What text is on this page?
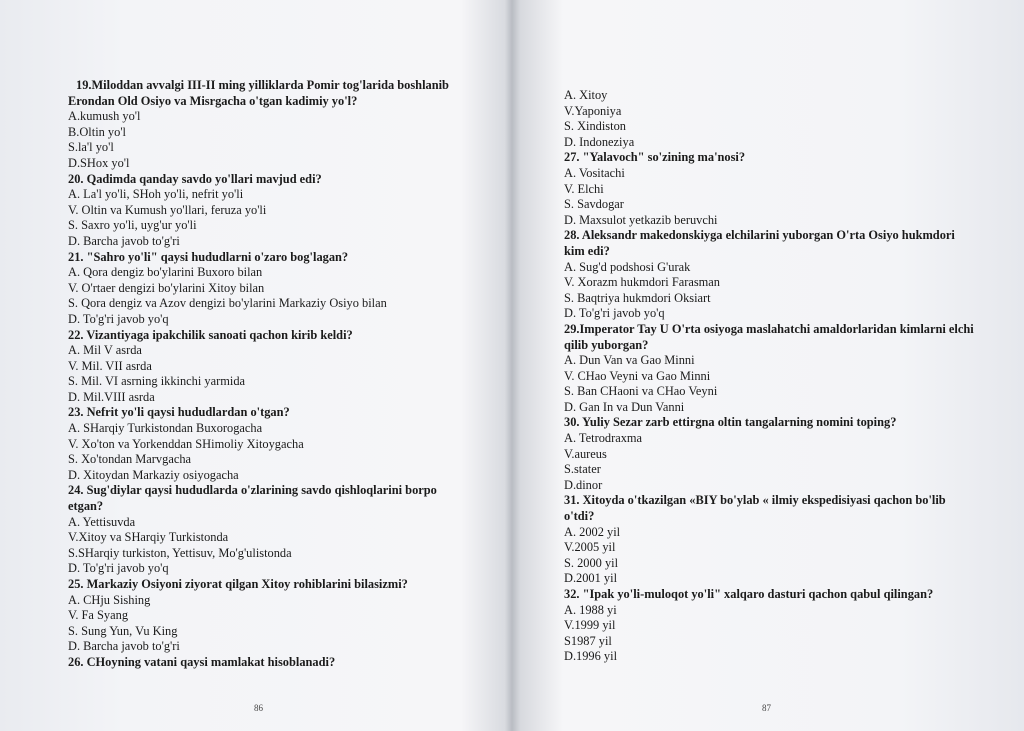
19.Miloddan avvalgi III-II ming yilliklarda Pomir tog'larida boshlanib Erondan Old Osiyo va Misrgacha o'tgan kadimiy yo'l?
A.kumush yo'l
B.Oltin yo'l
S.la'l yo'l
D.SHox yo'l
20. Qadimda qanday savdo yo'llari mavjud edi?
A. La'l yo'li, SHoh yo'li, nefrit yo'li
V. Oltin va Kumush yo'llari, feruza yo'li
S. Saxro yo'li, uyg'ur yo'li
D. Barcha javob to'g'ri
21. "Sahro yo'li" qaysi hududlarni o'zaro bog'lagan?
A. Qora dengiz bo'ylarini Buxoro bilan
V. O'rtaer dengizi bo'ylarini Xitoy bilan
S. Qora dengiz va Azov dengizi bo'ylarini Markaziy Osiyo bilan
D. To'g'ri javob yo'q
22. Vizantiyaga ipakchilik sanoati qachon kirib keldi?
A. Mil V asrda
V. Mil. VII asrda
S. Mil. VI asrning ikkinchi yarmida
D. Mil.VIII asrda
23. Nefrit yo'li qaysi hududlardan o'tgan?
A. SHarqiy Turkistondan Buxorogacha
V. Xo'ton va Yorkenddan SHimoliy Xitoygacha
S. Xo'tondan Marvgacha
D. Xitoydan Markaziy osiyogacha
24. Sug'diylar qaysi hududlarda o'zlarining savdo qishloqlarini borpo etgan?
A. Yettisuvda
V.Xitoy va SHarqiy Turkistonda
S.SHarqiy turkiston, Yettisuv, Mo'g'ulistonda
D. To'g'ri javob yo'q
25. Markaziy Osiyoni ziyorat qilgan Xitoy rohiblarini bilasizmi?
A. CHju Sishing
V. Fa Syang
S. Sung Yun, Vu King
D. Barcha javob to'g'ri
26. CHoyning vatani qaysi mamlakat hisoblanadi?
86
A. Xitoy
V.Yaponiya
S. Xindiston
D. Indoneziya
27. "Yalavoch" so'zining ma'nosi?
A. Vositachi
V. Elchi
S. Savdogar
D. Maxsulot yetkazib beruvchi
28. Aleksandr makedonskiyga elchilarini yuborgan O'rta Osiyo hukmdori kim edi?
A. Sug'd podshosi G'urak
V. Xorazm hukmdori Farasman
S. Baqtriya hukmdori Oksiart
D. To'g'ri javob yo'q
29.Imperator Tay U O'rta osiyoga maslahatchi amaldorlaridan kimlarni elchi qilib yuborgan?
A. Dun Van va Gao Minni
V. CHao Veyni va Gao Minni
S. Ban CHaoni va CHao Veyni
D. Gan In va Dun Vanni
30. Yuliy Sezar zarb ettirgna oltin tangalarning nomini toping?
A. Tetrodraxma
V.aureus
S.stater
D.dinor
31. Xitoyda o'tkazilgan «BIY bo'ylab « ilmiy ekspedisiyasi qachon bo'lib o'tdi?
A. 2002 yil
V.2005 yil
S. 2000 yil
D.2001 yil
32. "Ipak yo'li-muloqot yo'li" xalqaro dasturi qachon qabul qilingan?
A. 1988 yi
V.1999 yil
S1987 yil
D.1996 yil
87
